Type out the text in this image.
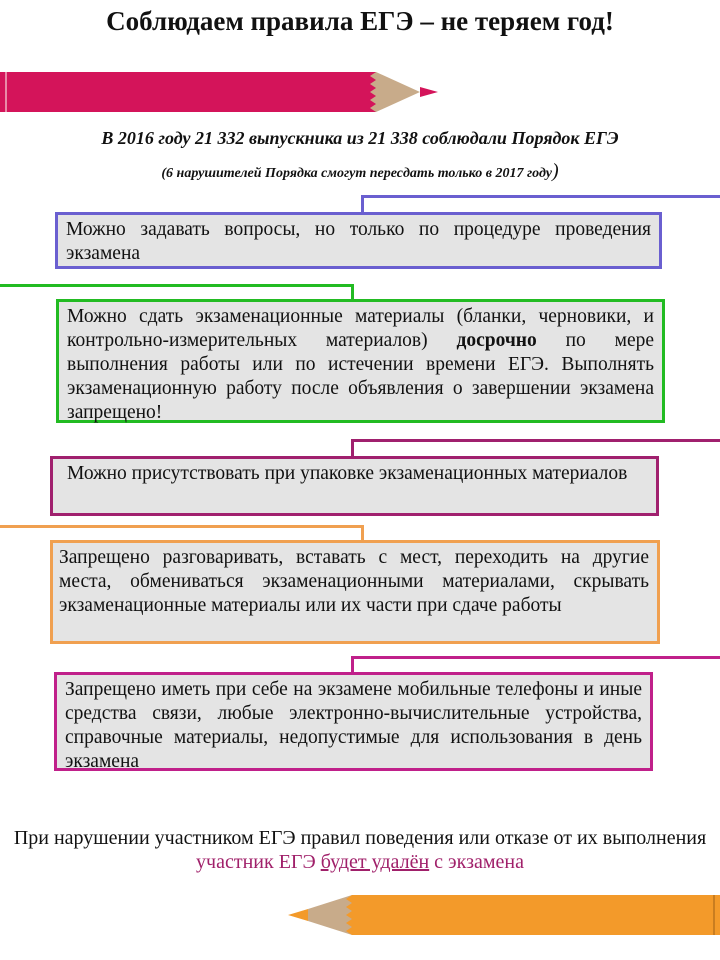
Соблюдаем правила ЕГЭ – не теряем год!
В 2016 году 21 332 выпускника из 21 338 соблюдали Порядок ЕГЭ
(6 нарушителей Порядка смогут пересдать только в 2017 году)
Можно задавать вопросы, но только по процедуре проведения экзамена
Можно сдать экзаменационные материалы (бланки, черновики, и контрольно-измерительных материалов) досрочно по мере выполнения работы или по истечении времени ЕГЭ. Выполнять экзаменационную работу после объявления о завершении экзамена запрещено!
Можно присутствовать при упаковке экзаменационных материалов
Запрещено разговаривать, вставать с мест, переходить на другие места, обмениваться экзаменационными материалами, скрывать экзаменационные материалы или их части при сдаче работы
Запрещено иметь при себе на экзамене мобильные телефоны и иные средства связи, любые электронно-вычислительные устройства, справочные материалы, недопустимые для использования в день экзамена
При нарушении участником ЕГЭ правил поведения или отказе от их выполнения участник ЕГЭ будет удалён с экзамена
